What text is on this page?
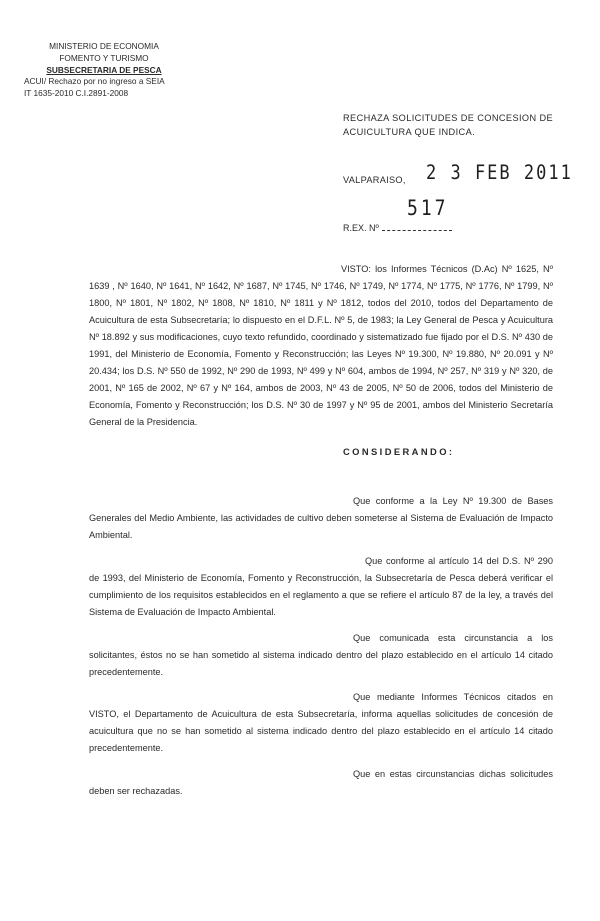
MINISTERIO DE ECONOMIA
FOMENTO Y TURISMO
SUBSECRETARIA DE PESCA
ACUI/ Rechazo por no ingreso a SEIA
IT 1635-2010 C.I.2891-2008
RECHAZA SOLICITUDES DE CONCESION DE ACUICULTURA QUE INDICA.
VALPARAISO, 2 3 FEB 2011
517
R.EX. Nº
VISTO: los Informes Técnicos (D.Ac) Nº 1625, Nº 1639 , Nº 1640, Nº 1641, Nº 1642, Nº 1687, Nº 1745, Nº 1746, Nº 1749, Nº 1774, Nº 1775, Nº 1776, Nº 1799, Nº 1800, Nº 1801, Nº 1802, Nº 1808, Nº 1810, Nº 1811 y Nº 1812, todos del 2010, todos del Departamento de Acuicultura de esta Subsecretaría; lo dispuesto en el D.F.L. Nº 5, de 1983; la Ley General de Pesca y Acuicultura Nº 18.892 y sus modificaciones, cuyo texto refundido, coordinado y sistematizado fue fijado por el D.S. Nº 430 de 1991, del Ministerio de Economía, Fomento y Reconstrucción; las Leyes Nº 19.300, Nº 19.880, Nº 20.091 y Nº 20.434; los D.S. Nº 550 de 1992, Nº 290 de 1993, Nº 499 y Nº 604, ambos de 1994, Nº 257, Nº 319 y Nº 320, de 2001, Nº 165 de 2002, Nº 67 y Nº 164, ambos de 2003, Nº 43 de 2005, Nº 50 de 2006, todos del Ministerio de Economía, Fomento y Reconstrucción; los D.S. Nº 30 de 1997 y Nº 95 de 2001, ambos del Ministerio Secretaría General de la Presidencia.
CONSIDERANDO:
Que conforme a la Ley Nº 19.300 de Bases Generales del Medio Ambiente, las actividades de cultivo deben someterse al Sistema de Evaluación de Impacto Ambiental.
Que conforme al artículo 14 del D.S. Nº 290 de 1993, del Ministerio de Economía, Fomento y Reconstrucción, la Subsecretaría de Pesca deberá verificar el cumplimiento de los requisitos establecidos en el reglamento a que se refiere el artículo 87 de la ley, a través del Sistema de Evaluación de Impacto Ambiental.
Que comunicada esta circunstancia a los solicitantes, éstos no se han sometido al sistema indicado dentro del plazo establecido en el artículo 14 citado precedentemente.
Que mediante Informes Técnicos citados en VISTO, el Departamento de Acuicultura de esta Subsecretaría, informa aquellas solicitudes de concesión de acuicultura que no se han sometido al sistema indicado dentro del plazo establecido en el artículo 14 citado precedentemente.
Que en estas circunstancias dichas solicitudes deben ser rechazadas.
